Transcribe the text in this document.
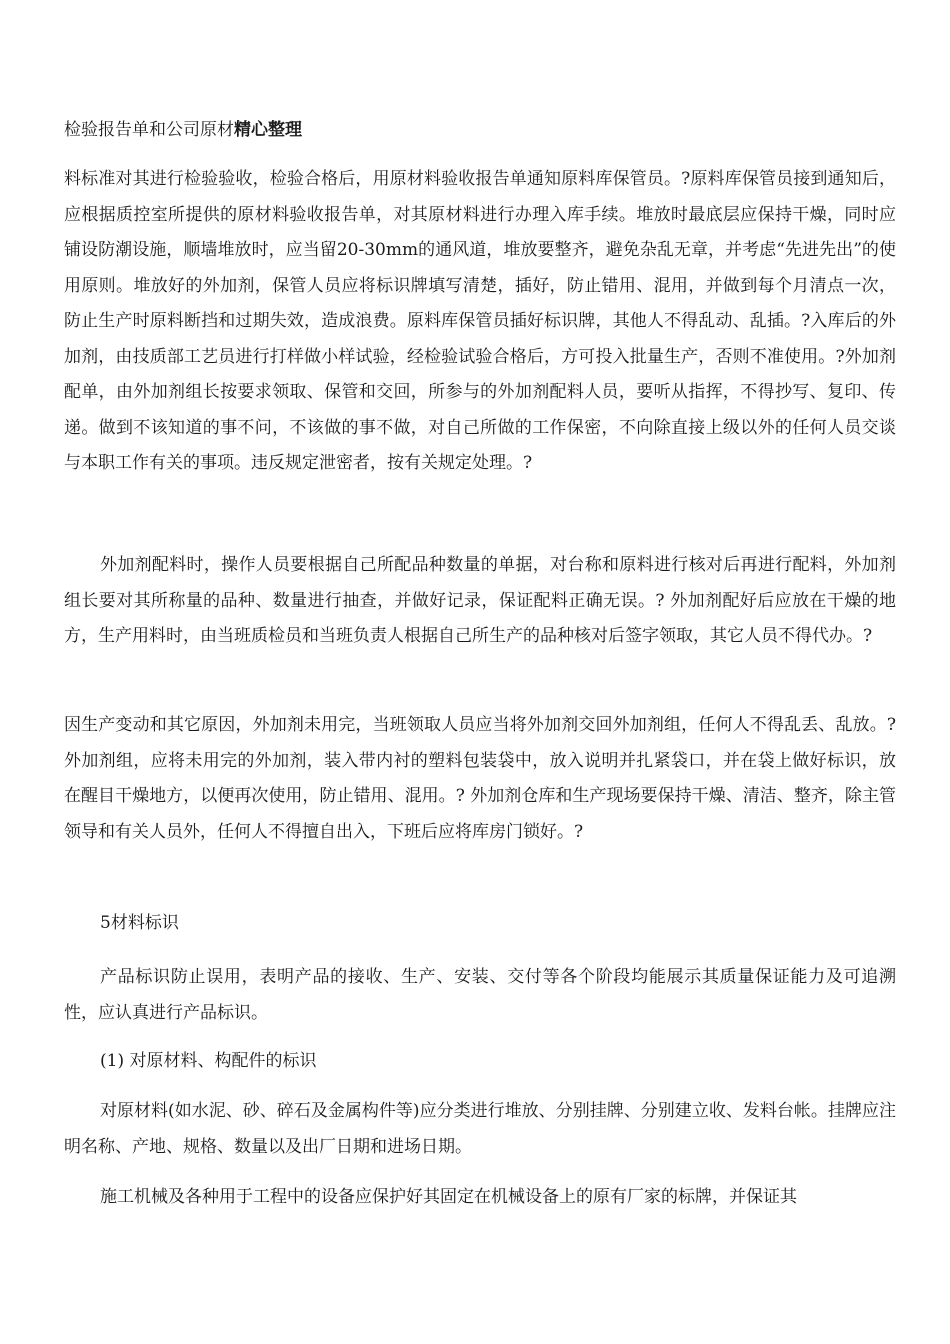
检验报告单和公司原材精心整理

料标准对其进行检验验收，检验合格后，用原材料验收报告单通知原料库保管员。?原料库保管员接到通知后，应根据质控室所提供的原材料验收报告单，对其原材料进行办理入库手续。堆放时最底层应保持干燥，同时应铺设防潮设施，顺墙堆放时，应当留20-30mm的通风道，堆放要整齐，避免杂乱无章，并考虑“先进先出”的使用原则。堆放好的外加剂，保管人员应将标识牌填写清楚，插好，防止错用、混用，并做到每个月清点一次，防止生产时原料断挡和过期失效，造成浪费。原料库保管员插好标识牌，其他人不得乱动、乱插。?入库后的外加剂，由技质部工艺员进行打样做小样试验，经检验试验合格后，方可投入批量生产，否则不准使用。?外加剂配单，由外加剂组长按要求领取、保管和交回，所参与的外加剂配料人员，要听从指挥，不得抄写、复印、传递。做到不该知道的事不问，不该做的事不做，对自己所做的工作保密，不向除直接上级以外的任何人员交谈与本职工作有关的事项。违反规定泄密者，按有关规定处理。?

外加剂配料时，操作人员要根据自己所配品种数量的单据，对台称和原料进行核对后再进行配料，外加剂组长要对其所称量的品种、数量进行抽查，并做好记录，保证配料正确无误。? 外加剂配好后应放在干燥的地方，生产用料时，由当班质检员和当班负责人根据自己所生产的品种核对后签字领取，其它人员不得代办。?

因生产变动和其它原因，外加剂未用完，当班领取人员应当将外加剂交回外加剂组，任何人不得乱丢、乱放。? 外加剂组，应将未用完的外加剂，装入带内衬的塑料包装袋中，放入说明并扎紧袋口，并在袋上做好标识，放在醒目干燥地方，以便再次使用，防止错用、混用。? 外加剂仓库和生产现场要保持干燥、清洁、整齐，除主管领导和有关人员外，任何人不得擅自出入，下班后应将库房门锁好。?

5材料标识

产品标识防止误用，表明产品的接收、生产、安装、交付等各个阶段均能展示其质量保证能力及可追溯性，应认真进行产品标识。

(1) 对原材料、构配件的标识

对原材料(如水泥、砂、碎石及金属构件等)应分类进行堆放、分别挂牌、分别建立收、发料台帐。挂牌应注明名称、产地、规格、数量以及出厂日期和进场日期。

施工机械及各种用于工程中的设备应保护好其固定在机械设备上的原有厂家的标牌，并保证其
